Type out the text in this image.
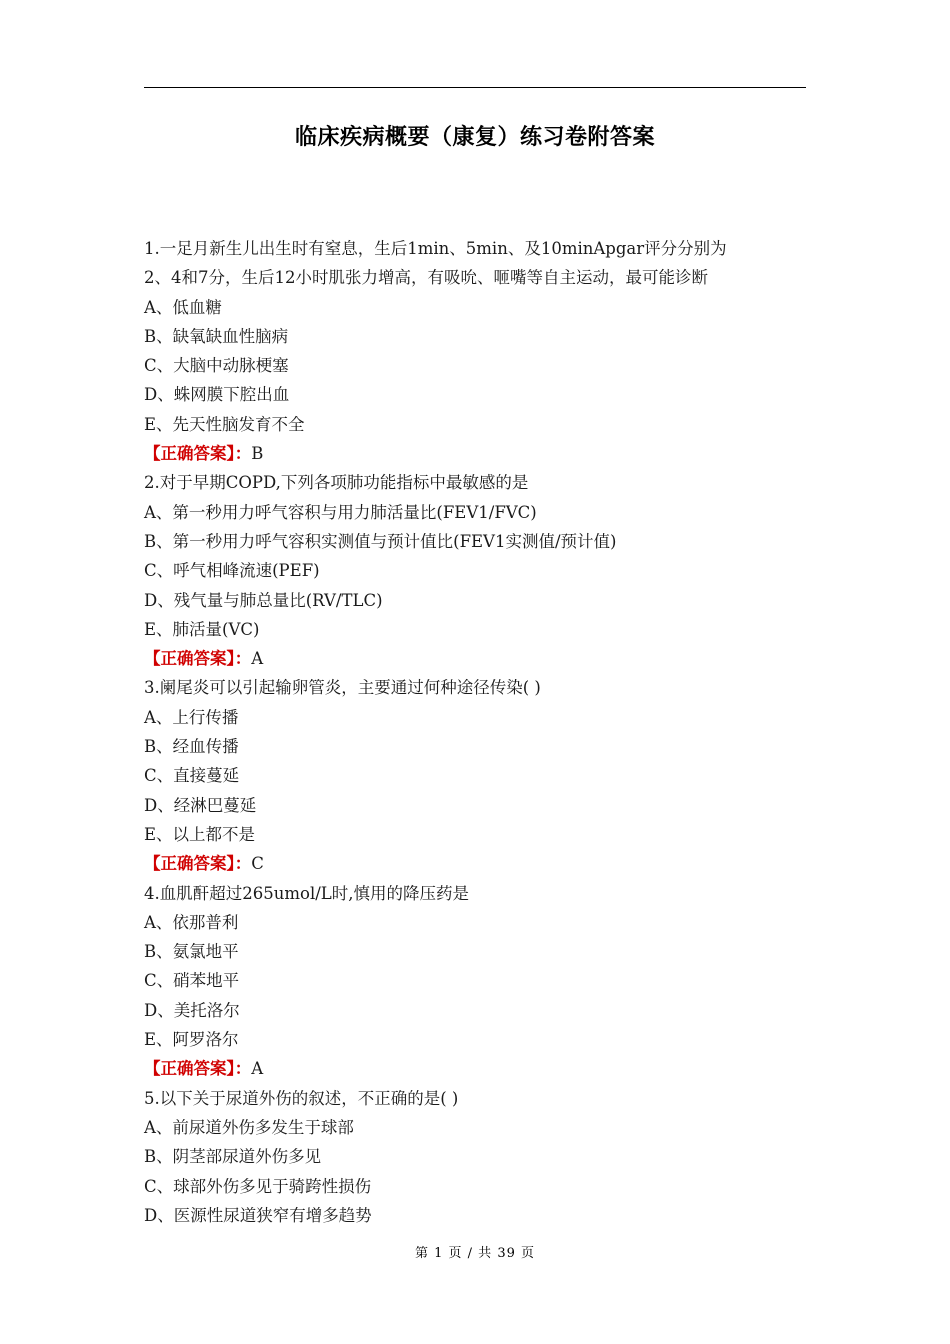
临床疾病概要（康复）练习卷附答案
1.一足月新生儿出生时有窒息，生后1min、5min、及10minApgar评分分别为
2、4和7分，生后12小时肌张力增高，有吸吮、咂嘴等自主运动，最可能诊断
A、低血糖
B、缺氧缺血性脑病
C、大脑中动脉梗塞
D、蛛网膜下腔出血
E、先天性脑发育不全
【正确答案】：B
2.对于早期COPD,下列各项肺功能指标中最敏感的是
A、第一秒用力呼气容积与用力肺活量比(FEV1/FVC)
B、第一秒用力呼气容积实测值与预计值比(FEV1实测值/预计值)
C、呼气相峰流速(PEF)
D、残气量与肺总量比(RV/TLC)
E、肺活量(VC)
【正确答案】：A
3.阑尾炎可以引起输卵管炎，主要通过何种途径传染( )
A、上行传播
B、经血传播
C、直接蔓延
D、经淋巴蔓延
E、以上都不是
【正确答案】：C
4.血肌酐超过265umol/L时,慎用的降压药是
A、依那普利
B、氨氯地平
C、硝苯地平
D、美托洛尔
E、阿罗洛尔
【正确答案】：A
5.以下关于尿道外伤的叙述，不正确的是( )
A、前尿道外伤多发生于球部
B、阴茎部尿道外伤多见
C、球部外伤多见于骑跨性损伤
D、医源性尿道狭窄有增多趋势
第 1 页 / 共 39 页
